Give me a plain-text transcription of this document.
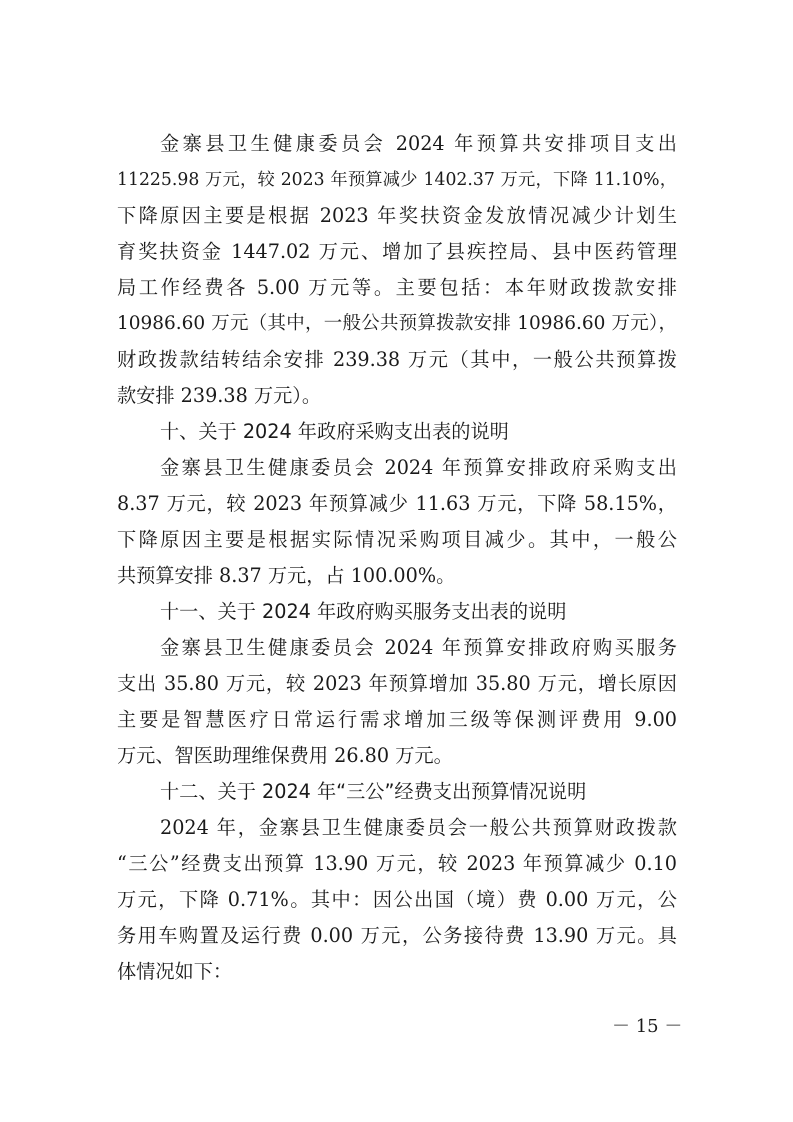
金寨县卫生健康委员会 2024 年预算共安排项目支出
11225.98 万元，较 2023 年预算减少 1402.37 万元，下降 11.10%，
下降原因主要是根据 2023 年奖扶资金发放情况减少计划生
育奖扶资金 1447.02 万元、增加了县疾控局、县中医药管理
局工作经费各 5.00 万元等。主要包括：本年财政拨款安排
10986.60 万元（其中，一般公共预算拨款安排 10986.60 万元），
财政拨款结转结余安排 239.38 万元（其中，一般公共预算拨
款安排 239.38 万元）。
十、关于 2024 年政府采购支出表的说明
金寨县卫生健康委员会 2024 年预算安排政府采购支出
8.37 万元，较 2023 年预算减少 11.63 万元，下降 58.15%，
下降原因主要是根据实际情况采购项目减少。其中，一般公
共预算安排 8.37 万元，占 100.00%。
十一、关于 2024 年政府购买服务支出表的说明
金寨县卫生健康委员会 2024 年预算安排政府购买服务
支出 35.80 万元，较 2023 年预算增加 35.80 万元，增长原因
主要是智慧医疗日常运行需求增加三级等保测评费用 9.00
万元、智医助理维保费用 26.80 万元。
十二、关于 2024 年“三公”经费支出预算情况说明
2024 年，金寨县卫生健康委员会一般公共预算财政拨款
“三公”经费支出预算 13.90 万元，较 2023 年预算减少 0.10
万元，下降 0.71%。其中：因公出国（境）费 0.00 万元，公
务用车购置及运行费 0.00 万元，公务接待费 13.90 万元。具
体情况如下：
－ 15 －
